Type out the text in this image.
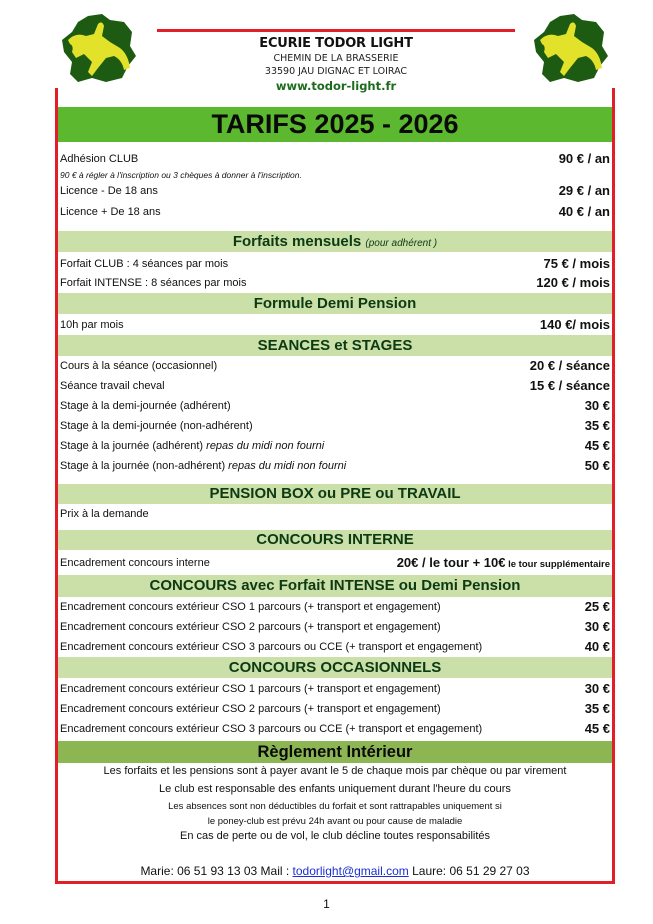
ECURIE TODOR LIGHT
CHEMIN DE LA BRASSERIE
33590 JAU DIGNAC ET LOIRAC
www.todor-light.fr
TARIFS 2025 - 2026
Adhésion CLUB	90 € / an
90 € à régler à l'inscription ou 3 chèques à donner à l'inscription.
Licence - De 18 ans	29 € / an
Licence + De 18 ans	40 € / an
Forfaits mensuels (pour adhérent )
Forfait CLUB : 4 séances par mois	75 € / mois
Forfait INTENSE : 8 séances par mois	120 € / mois
Formule Demi Pension
10h par mois	140 €/ mois
SEANCES et STAGES
Cours à la séance (occasionnel)	20 € / séance
Séance travail cheval	15 € / séance
Stage à la demi-journée (adhérent)	30 €
Stage à la demi-journée (non-adhérent)	35 €
Stage à la journée (adhérent) repas du midi non fourni	45 €
Stage à la journée (non-adhérent) repas du midi non fourni	50 €
PENSION BOX ou PRE ou TRAVAIL
Prix à la demande
CONCOURS INTERNE
Encadrement concours interne	20€ / le tour + 10€ le tour supplémentaire
CONCOURS avec Forfait INTENSE ou Demi Pension
Encadrement concours extérieur CSO 1 parcours (+ transport et engagement)	25 €
Encadrement concours extérieur CSO 2 parcours (+ transport et engagement)	30 €
Encadrement concours extérieur CSO 3 parcours ou CCE (+ transport et engagement)	40 €
CONCOURS OCCASIONNELS
Encadrement concours extérieur CSO 1 parcours (+ transport et engagement)	30 €
Encadrement concours extérieur CSO 2 parcours (+ transport et engagement)	35 €
Encadrement concours extérieur CSO 3 parcours ou CCE (+ transport et engagement)	45 €
Règlement Intérieur
Les forfaits et les pensions sont à payer avant le 5 de chaque mois par chèque ou par virement
Le club est responsable des enfants uniquement durant l'heure du cours
Les absences sont non déductibles du forfait et sont rattrapables uniquement si
le poney-club est prévu 24h avant ou pour cause de maladie
En cas de perte ou de vol, le club décline toutes responsabilités
Marie: 06 51 93 13 03 Mail : todorlight@gmail.com Laure: 06 51 29 27 03
1
